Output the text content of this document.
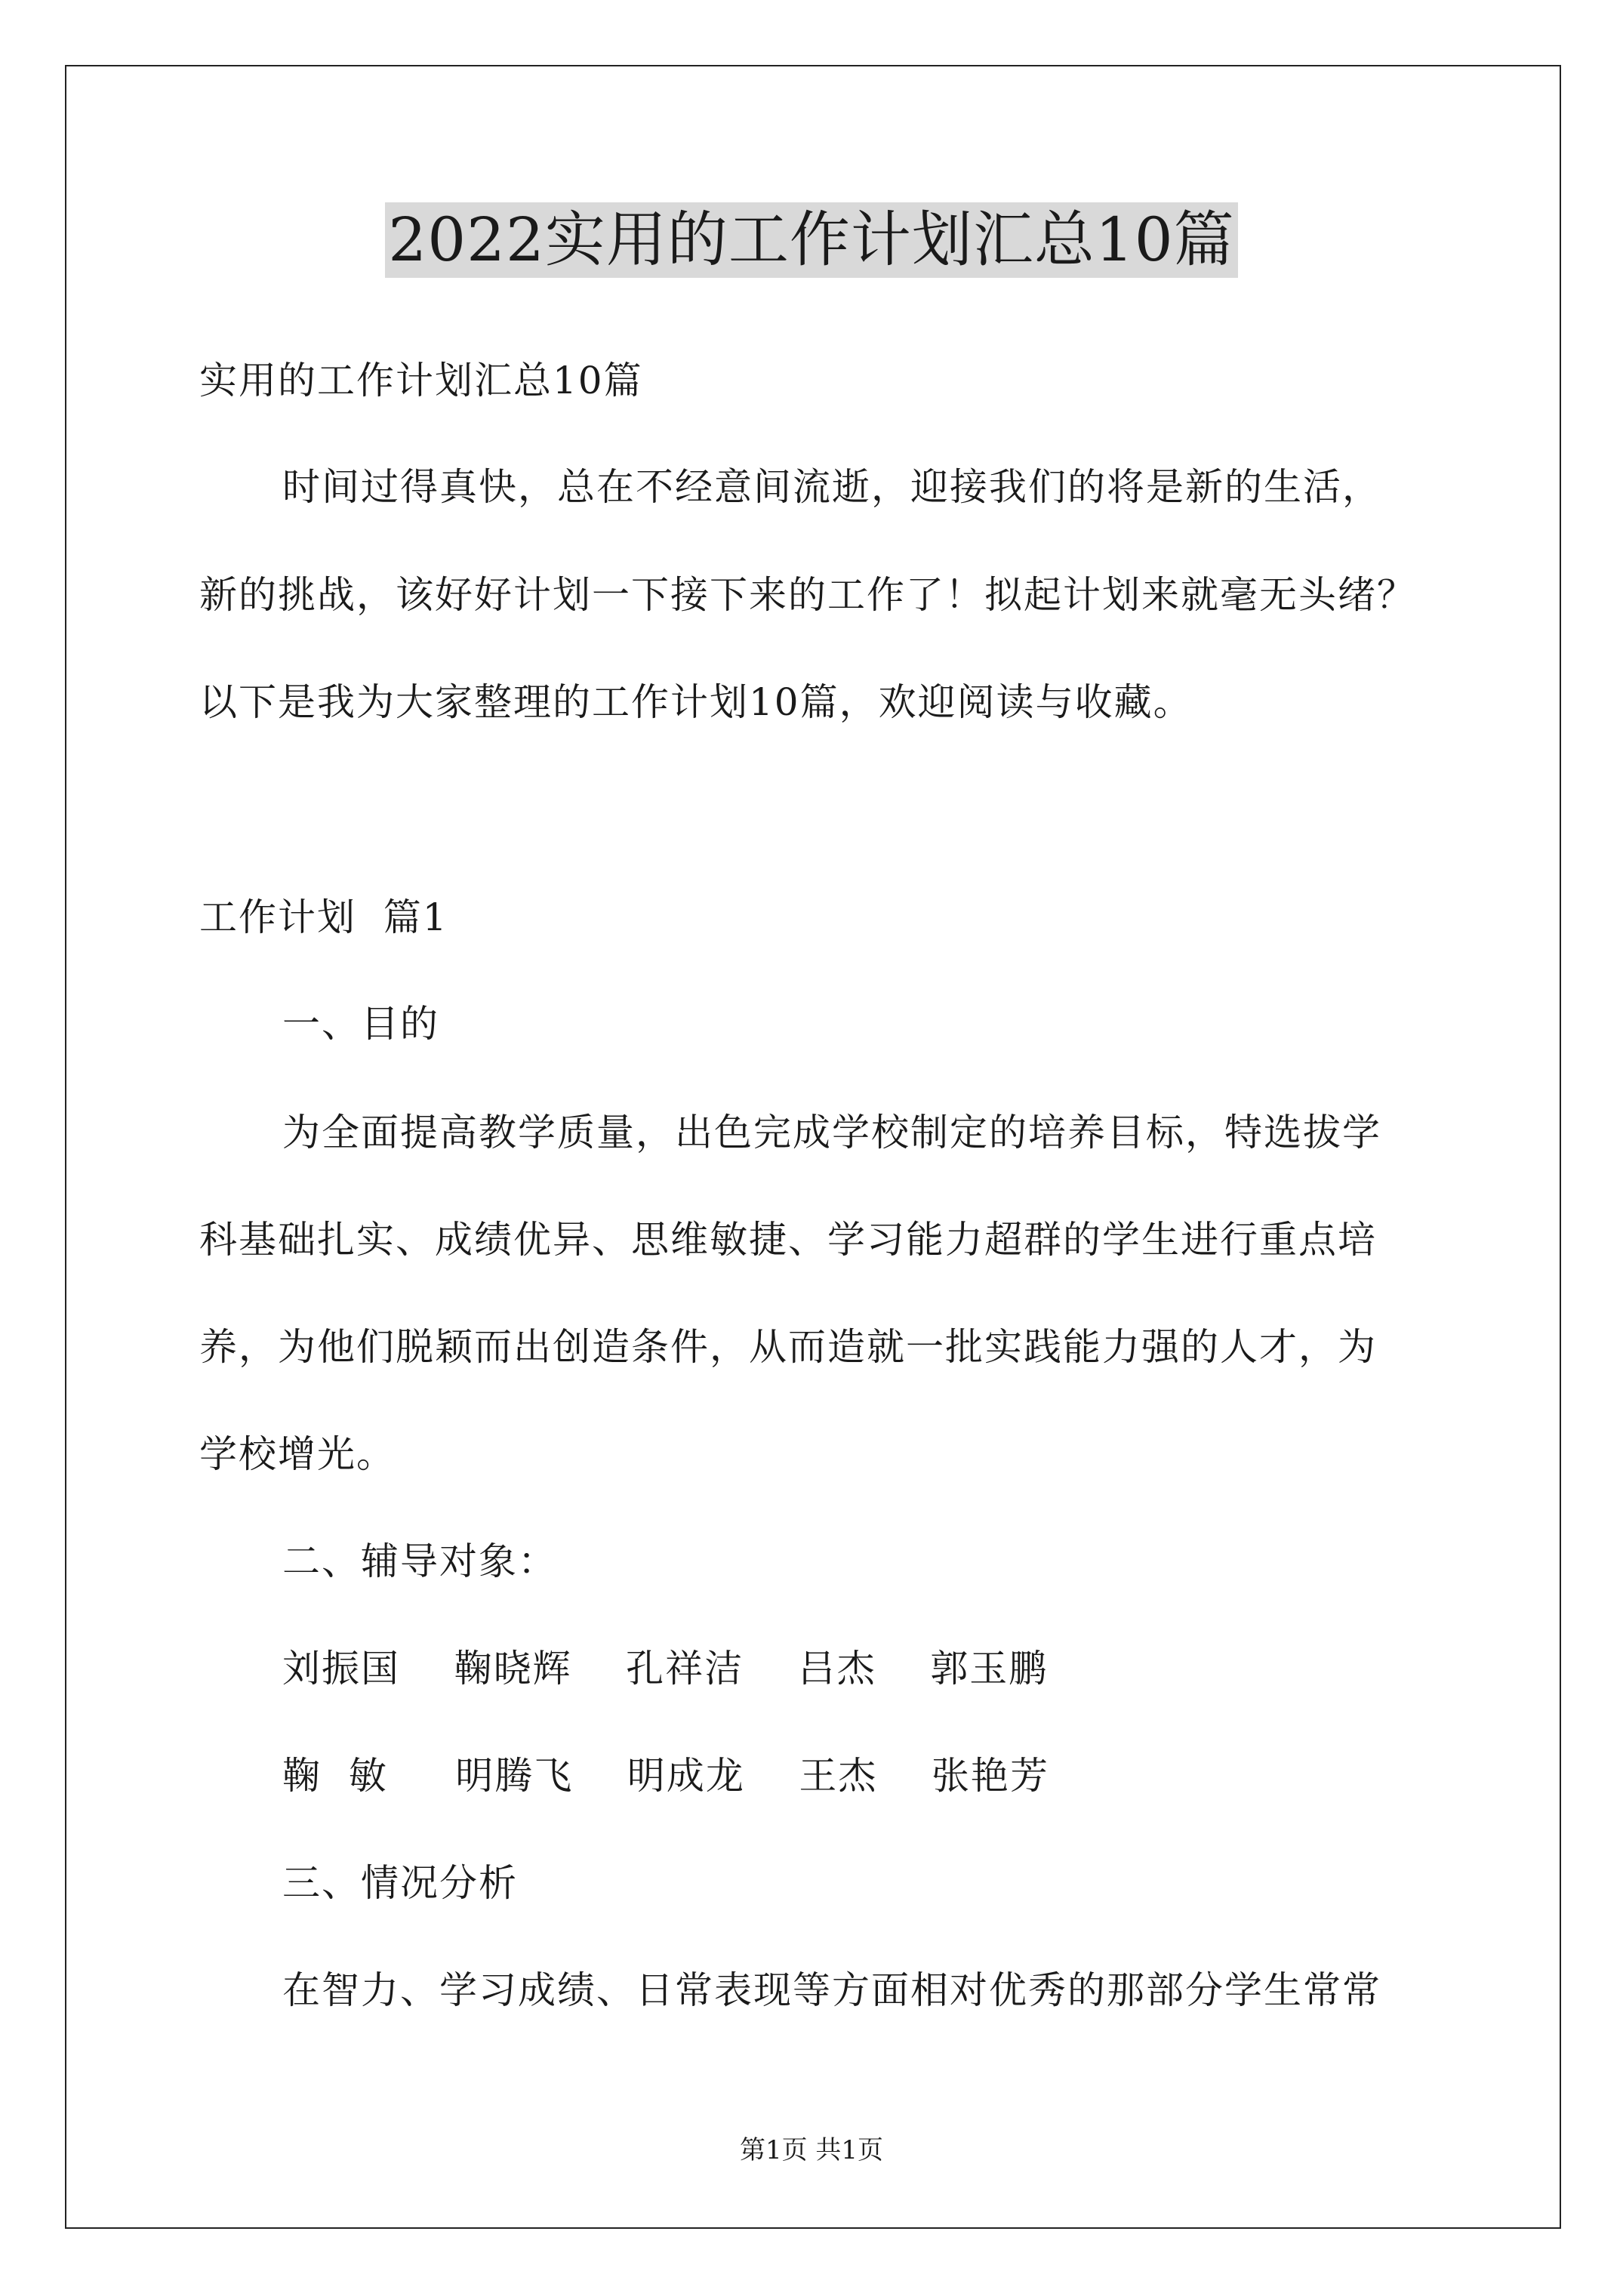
2022实用的工作计划汇总10篇
实用的工作计划汇总10篇
时间过得真快，总在不经意间流逝，迎接我们的将是新的生活，
新的挑战，该好好计划一下接下来的工作了！拟起计划来就毫无头绪？
以下是我为大家整理的工作计划10篇，欢迎阅读与收藏。
工作计划  篇1
一、目的
为全面提高教学质量，出色完成学校制定的培养目标，特选拔学
科基础扎实、成绩优异、思维敏捷、学习能力超群的学生进行重点培
养，为他们脱颖而出创造条件，从而造就一批实践能力强的人才，为
学校增光。
二、辅导对象：
刘振国    鞠晓辉    孔祥洁    吕杰    郭玉鹏
鞠  敏     明腾飞    明成龙    王杰    张艳芳
三、情况分析
在智力、学习成绩、日常表现等方面相对优秀的那部分学生常常
第1页 共1页
